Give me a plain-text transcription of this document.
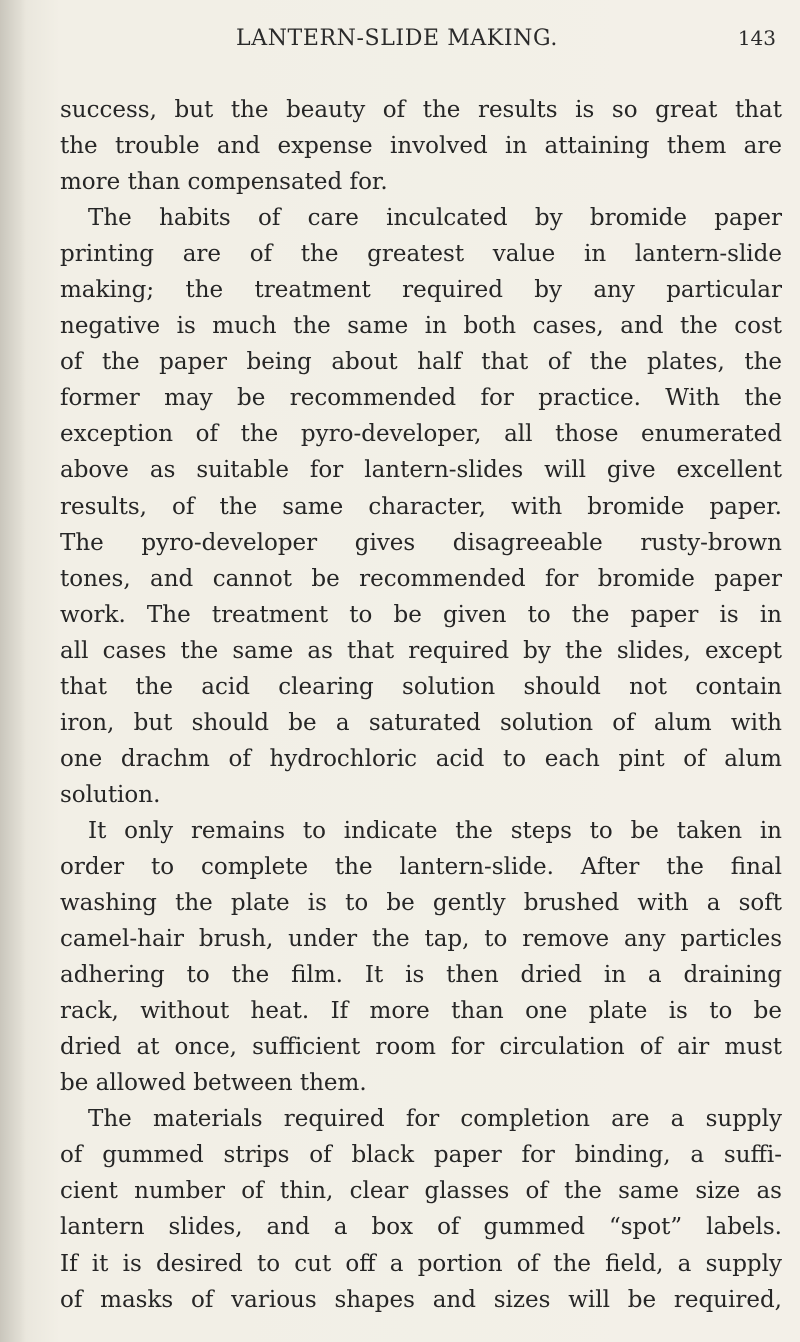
LANTERN-SLIDE MAKING.	143
success, but the beauty of the results is so great that
the trouble and expense involved in attaining them are
more than compensated for.
The habits of care inculcated by bromide paper
printing are of the greatest value in lantern-slide
making; the treatment required by any particular
negative is much the same in both cases, and the cost
of the paper being about half that of the plates, the
former may be recommended for practice. With the
exception of the pyro-developer, all those enumerated
above as suitable for lantern-slides will give excellent
results, of the same character, with bromide paper.
The pyro-developer gives disagreeable rusty-brown
tones, and cannot be recommended for bromide paper
work. The treatment to be given to the paper is in
all cases the same as that required by the slides, except
that the acid clearing solution should not contain
iron, but should be a saturated solution of alum with
one drachm of hydrochloric acid to each pint of alum
solution.
It only remains to indicate the steps to be taken in
order to complete the lantern-slide. After the final
washing the plate is to be gently brushed with a soft
camel-hair brush, under the tap, to remove any particles
adhering to the film. It is then dried in a draining
rack, without heat. If more than one plate is to be
dried at once, sufficient room for circulation of air must
be allowed between them.
The materials required for completion are a supply
of gummed strips of black paper for binding, a suffi-
cient number of thin, clear glasses of the same size as
lantern slides, and a box of gummed “spot” labels.
If it is desired to cut off a portion of the field, a supply
of masks of various shapes and sizes will be required,
